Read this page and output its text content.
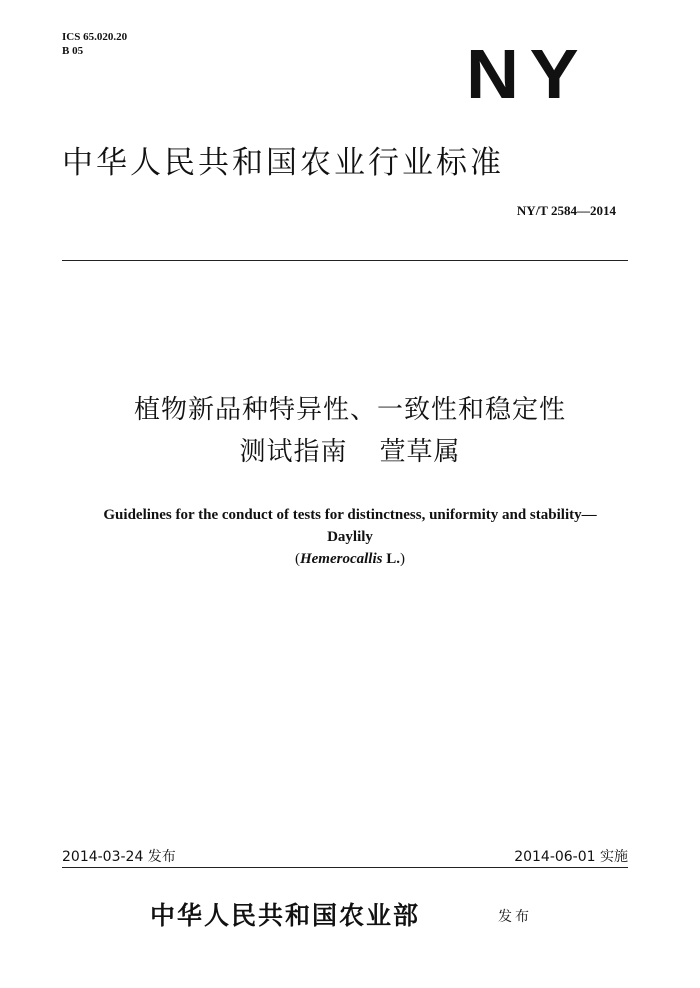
ICS 65.020.20
B 05	NY
中华人民共和国农业行业标准
NY/T 2584—2014
植物新品种特异性、一致性和稳定性
测试指南 萱草属
Guidelines for the conduct of tests for distinctness, uniformity and stability—
Daylily
(Hemerocallis L.)
2014-03-24 发布	2014-06-01 实施
中华人民共和国农业部	发布
